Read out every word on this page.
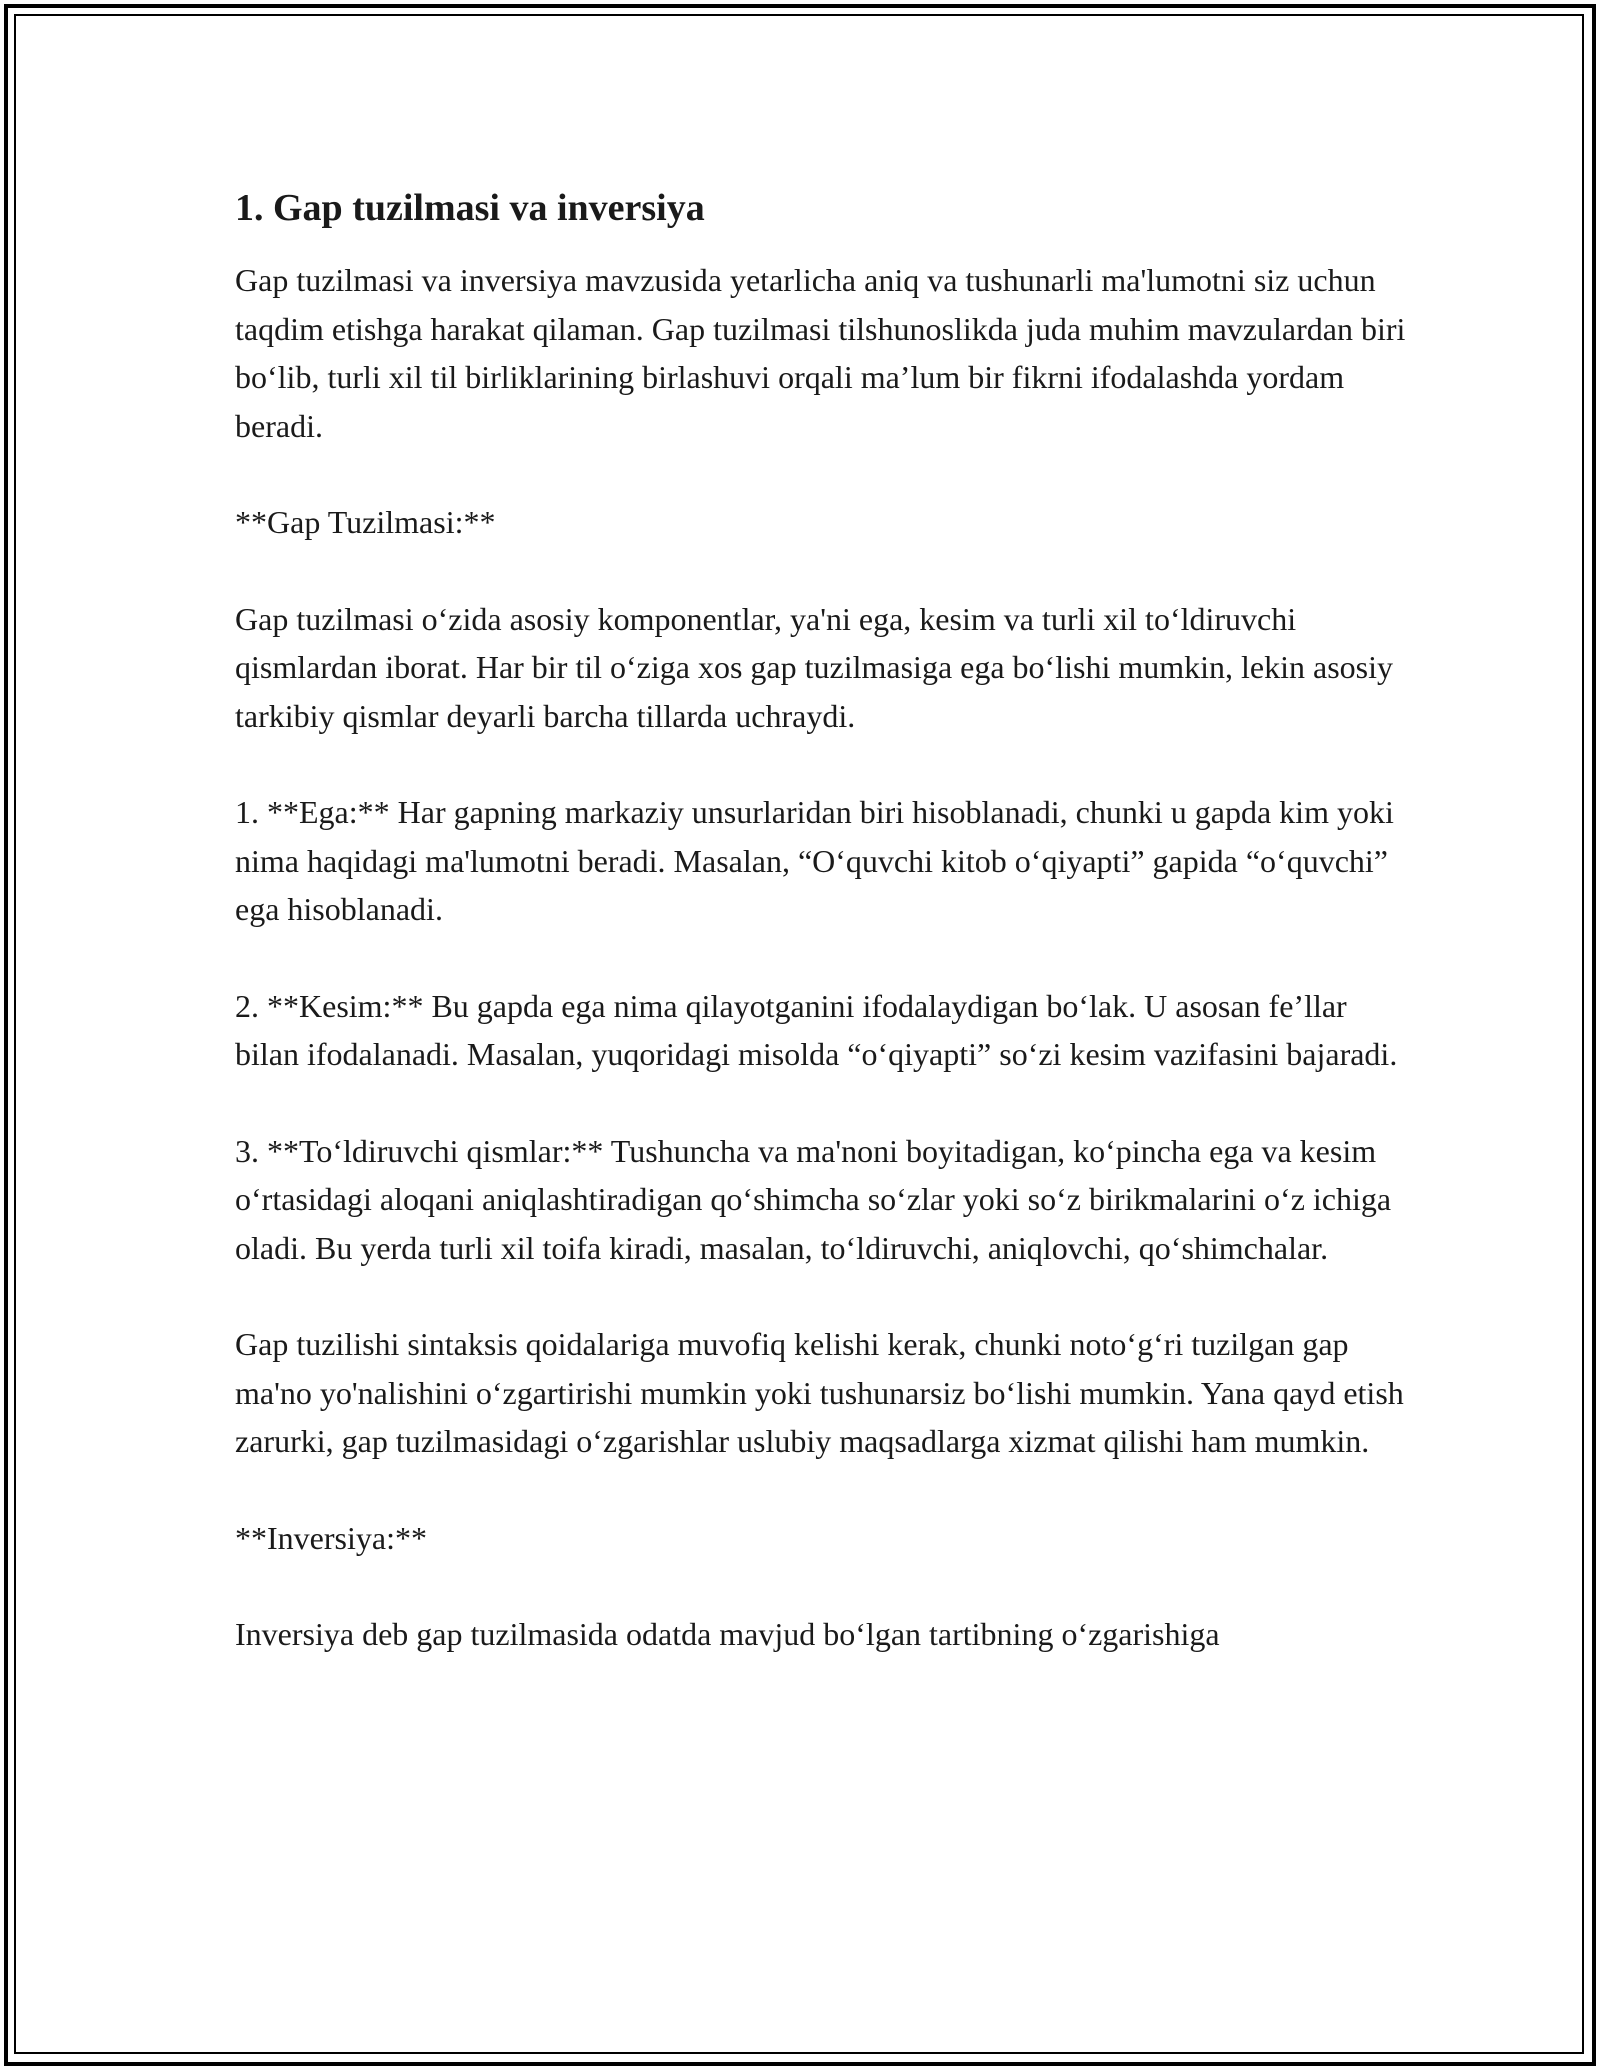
1. Gap tuzilmasi va inversiya

Gap tuzilmasi va inversiya mavzusida yetarlicha aniq va tushunarli ma'lumotni siz uchun taqdim etishga harakat qilaman. Gap tuzilmasi tilshunoslikda juda muhim mavzulardan biri bo‘lib, turli xil til birliklarining birlashuvi orqali ma’lum bir fikrni ifodalashda yordam beradi.

**Gap Tuzilmasi:**

Gap tuzilmasi o‘zida asosiy komponentlar, ya'ni ega, kesim va turli xil to‘ldiruvchi qismlardan iborat. Har bir til o‘ziga xos gap tuzilmasiga ega bo‘lishi mumkin, lekin asosiy tarkibiy qismlar deyarli barcha tillarda uchraydi.

1. **Ega:** Har gapning markaziy unsurlaridan biri hisoblanadi, chunki u gapda kim yoki nima haqidagi ma'lumotni beradi. Masalan, “O‘quvchi kitob o‘qiyapti” gapida “o‘quvchi” ega hisoblanadi.

2. **Kesim:** Bu gapda ega nima qilayotganini ifodalaydigan bo‘lak. U asosan fe’llar bilan ifodalanadi. Masalan, yuqoridagi misolda “o‘qiyapti” so‘zi kesim vazifasini bajaradi.

3. **To‘ldiruvchi qismlar:** Tushuncha va ma'noni boyitadigan, ko‘pincha ega va kesim o‘rtasidagi aloqani aniqlashtiradigan qo‘shimcha so‘zlar yoki so‘z birikmalarini o‘z ichiga oladi. Bu yerda turli xil toifa kiradi, masalan, to‘ldiruvchi, aniqlovchi, qo‘shimchalar.

Gap tuzilishi sintaksis qoidalariga muvofiq kelishi kerak, chunki noto‘g‘ri tuzilgan gap ma'no yo'nalishini o‘zgartirishi mumkin yoki tushunarsiz bo‘lishi mumkin. Yana qayd etish zarurki, gap tuzilmasidagi o‘zgarishlar uslubiy maqsadlarga xizmat qilishi ham mumkin.

**Inversiya:**

Inversiya deb gap tuzilmasida odatda mavjud bo‘lgan tartibning o‘zgarishiga
